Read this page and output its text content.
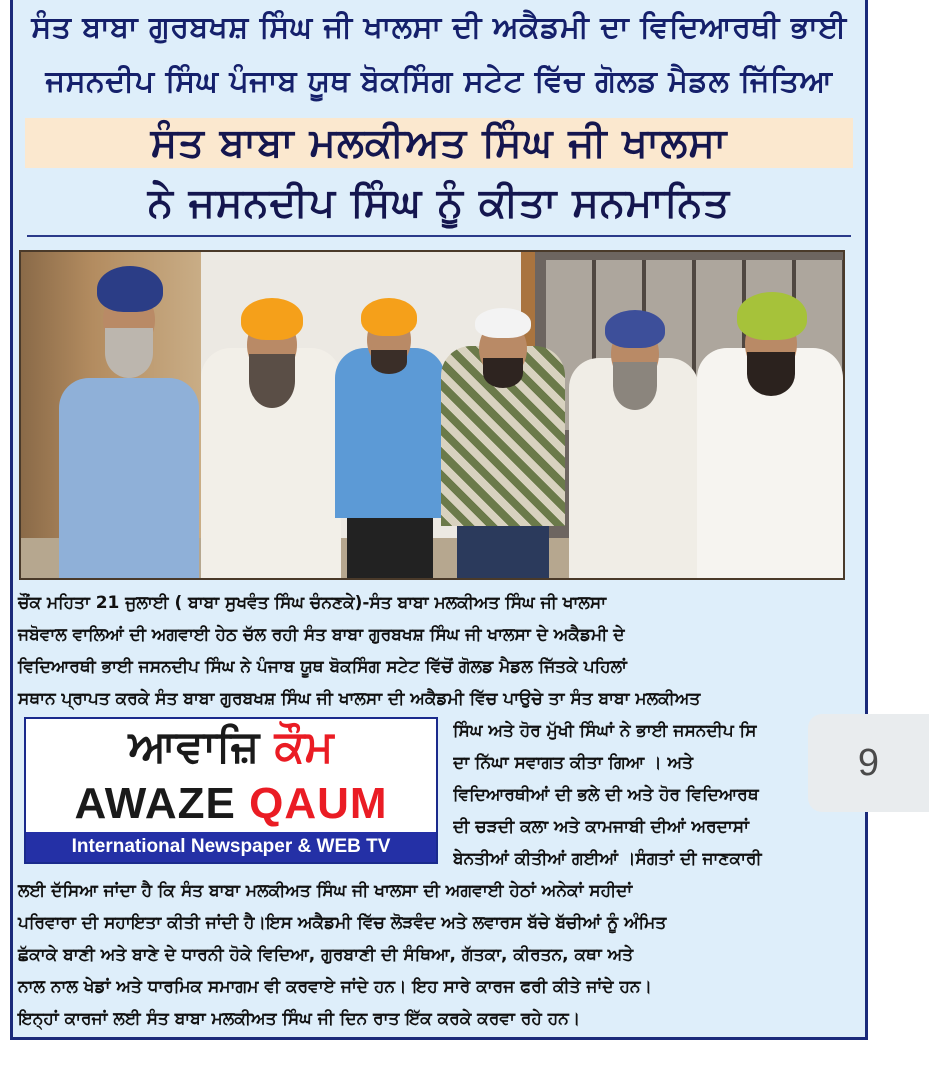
ਸੰਤ ਬਾਬਾ ਗੁਰਬਖਸ਼ ਸਿੰਘ ਜੀ ਖਾਲਸਾ ਦੀ ਅਕੈਡਮੀ ਦਾ ਵਿਦਿਆਰਥੀ ਭਾਈ
ਜਸਨਦੀਪ ਸਿੰਘ ਪੰਜਾਬ ਯੂਥ ਬੋਕਸਿੰਗ ਸਟੇਟ ਵਿੱਚ ਗੋਲਡ ਮੈਡਲ ਜਿੱਤਿਆ
ਸੰਤ ਬਾਬਾ ਮਲਕੀਅਤ ਸਿੰਘ ਜੀ ਖਾਲਸਾ
ਨੇ ਜਸਨਦੀਪ ਸਿੰਘ ਨੂੰ ਕੀਤਾ ਸਨਮਾਨਿਤ
ਚੌਂਕ ਮਹਿਤਾ 21 ਜੁਲਾਈ ( ਬਾਬਾ ਸੁਖਵੰਤ ਸਿੰਘ ਚੰਨਣਕੇ)-ਸੰਤ ਬਾਬਾ ਮਲਕੀਅਤ ਸਿੰਘ ਜੀ ਖਾਲਸਾ
ਜਬੋਵਾਲ ਵਾਲਿਆਂ ਦੀ ਅਗਵਾਈ ਹੇਠ ਚੱਲ ਰਹੀ ਸੰਤ ਬਾਬਾ ਗੁਰਬਖਸ਼ ਸਿੰਘ ਜੀ ਖਾਲਸਾ ਦੇ ਅਕੈਡਮੀ ਦੇ
ਵਿਦਿਆਰਥੀ ਭਾਈ ਜਸਨਦੀਪ ਸਿੰਘ ਨੇ ਪੰਜਾਬ ਯੂਥ ਬੋਕਸਿੰਗ ਸਟੇਟ ਵਿੱਚੋਂ ਗੋਲਡ ਮੈਡਲ ਜਿੱਤਕੇ ਪਹਿਲਾਂ
ਸਥਾਨ ਪ੍ਰਾਪਤ ਕਰਕੇ ਸੰਤ ਬਾਬਾ ਗੁਰਬਖਸ਼ ਸਿੰਘ ਜੀ ਖਾਲਸਾ ਦੀ ਅਕੈਡਮੀ ਵਿੱਚ ਪਾਉਚੇ ਤਾ ਸੰਤ ਬਾਬਾ ਮਲਕੀਅਤ
ਸਿੰਘ ਅਤੇ ਹੋਰ ਮੁੱਖੀ ਸਿੰਘਾਂ ਨੇ ਭਾਈ ਜਸਨਦੀਪ ਸਿ
ਦਾ ਨਿੱਘਾ ਸਵਾਗਤ ਕੀਤਾ ਗਿਆ । ਅਤੇ
ਵਿਦਿਆਰਥੀਆਂ ਦੀ ਭਲੇ ਦੀ ਅਤੇ ਹੋਰ ਵਿਦਿਆਰਥ
ਦੀ ਚੜਦੀ ਕਲਾ ਅਤੇ ਕਾਮਜਾਬੀ ਦੀਆਂ ਅਰਦਾਸਾਂ
ਬੇਨਤੀਆਂ ਕੀਤੀਆਂ ਗਈਆਂ ।ਸੰਗਤਾਂ ਦੀ ਜਾਣਕਾਰੀ
ਲਈ ਦੱਸਿਆ ਜਾਂਦਾ ਹੈ ਕਿ ਸੰਤ ਬਾਬਾ ਮਲਕੀਅਤ ਸਿੰਘ ਜੀ ਖਾਲਸਾ ਦੀ ਅਗਵਾਈ ਹੇਠਾਂ ਅਨੇਕਾਂ ਸਹੀਦਾਂ
ਪਰਿਵਾਰਾ ਦੀ ਸਹਾਇਤਾ ਕੀਤੀ ਜਾਂਦੀ ਹੈ।ਇਸ ਅਕੈਡਮੀ ਵਿੱਚ ਲੋੜਵੰਦ ਅਤੇ ਲਵਾਰਸ ਬੱਚੇ ਬੱਚੀਆਂ ਨੂੰ ਅੰਮਿਤ
ਛੱਕਾਕੇ ਬਾਣੀ ਅਤੇ ਬਾਣੇ ਦੇ ਧਾਰਨੀ ਹੋਕੇ ਵਿਦਿਆ, ਗੁਰਬਾਣੀ ਦੀ ਸੰਥਿਆ, ਗੱਤਕਾ, ਕੀਰਤਨ, ਕਥਾ ਅਤੇ
ਨਾਲ ਨਾਲ ਖੇਡਾਂ ਅਤੇ ਧਾਰਮਿਕ ਸਮਾਗਮ ਵੀ ਕਰਵਾਏ ਜਾਂਦੇ ਹਨ। ਇਹ ਸਾਰੇ ਕਾਰਜ ਫਰੀ ਕੀਤੇ ਜਾਂਦੇ ਹਨ।
ਇਨ੍ਹਾਂ ਕਾਰਜਾਂ ਲਈ ਸੰਤ ਬਾਬਾ ਮਲਕੀਅਤ ਸਿੰਘ ਜੀ ਦਿਨ ਰਾਤ ਇੱਕ ਕਰਕੇ ਕਰਵਾ ਰਹੇ ਹਨ।
ਆਵਾਜ਼ਿ ਕੌਮ
AWAZE QAUM
International Newspaper & WEB TV
9
